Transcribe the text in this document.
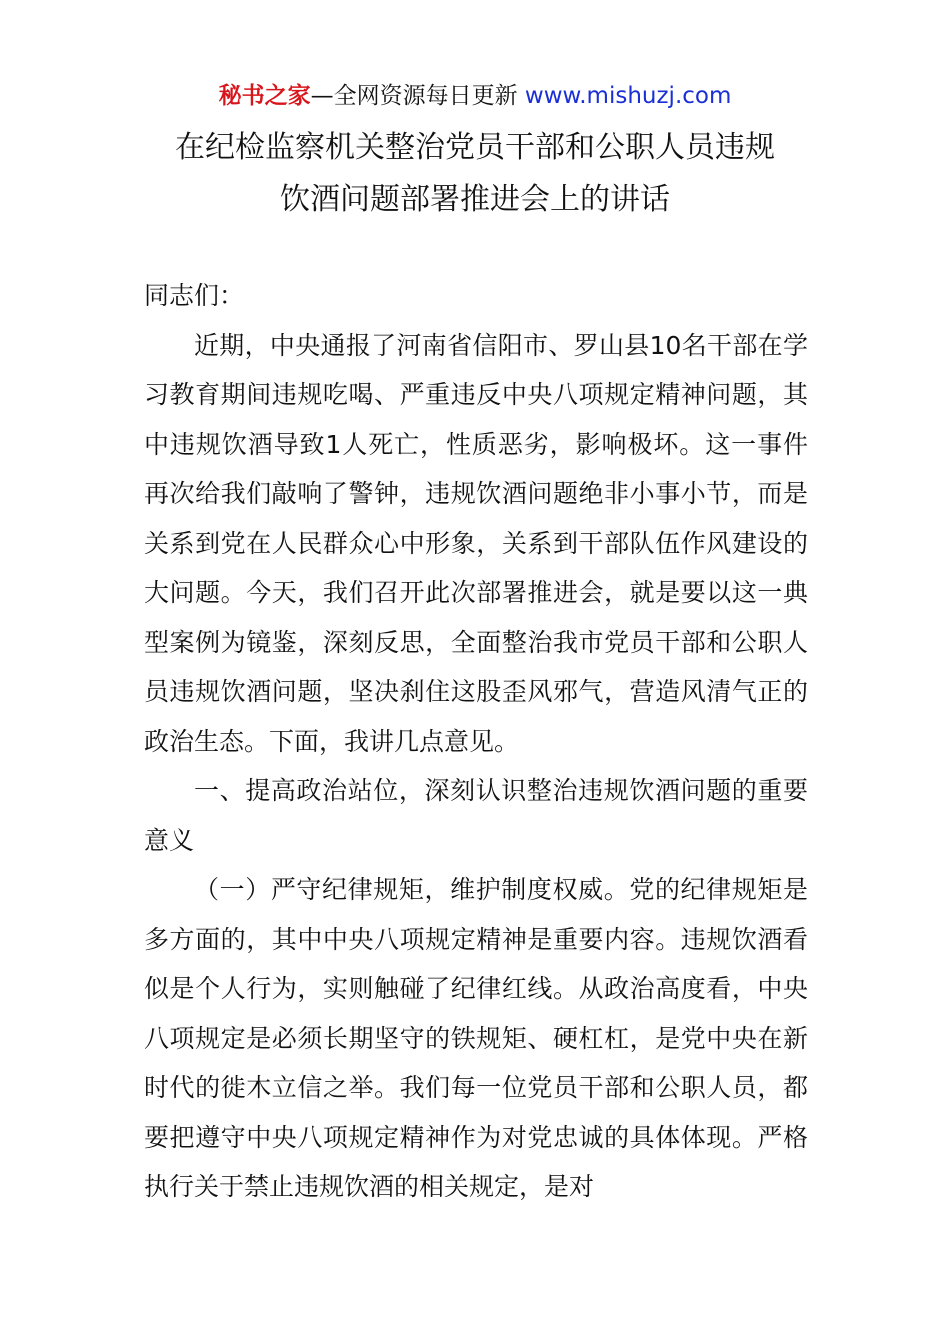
秘书之家—全网资源每日更新 www.mishuzj.com
在纪检监察机关整治党员干部和公职人员违规
饮酒问题部署推进会上的讲话

同志们：

近期，中央通报了河南省信阳市、罗山县10名干部在学习教育期间违规吃喝、严重违反中央八项规定精神问题，其中违规饮酒导致1人死亡，性质恶劣，影响极坏。这一事件再次给我们敲响了警钟，违规饮酒问题绝非小事小节，而是关系到党在人民群众心中形象，关系到干部队伍作风建设的大问题。今天，我们召开此次部署推进会，就是要以这一典型案例为镜鉴，深刻反思，全面整治我市党员干部和公职人员违规饮酒问题，坚决刹住这股歪风邪气，营造风清气正的政治生态。下面，我讲几点意见。

一、提高政治站位，深刻认识整治违规饮酒问题的重要意义

（一）严守纪律规矩，维护制度权威。党的纪律规矩是多方面的，其中中央八项规定精神是重要内容。违规饮酒看似是个人行为，实则触碰了纪律红线。从政治高度看，中央八项规定是必须长期坚守的铁规矩、硬杠杠，是党中央在新时代的徙木立信之举。我们每一位党员干部和公职人员，都要把遵守中央八项规定精神作为对党忠诚的具体体现。严格执行关于禁止违规饮酒的相关规定，是对
